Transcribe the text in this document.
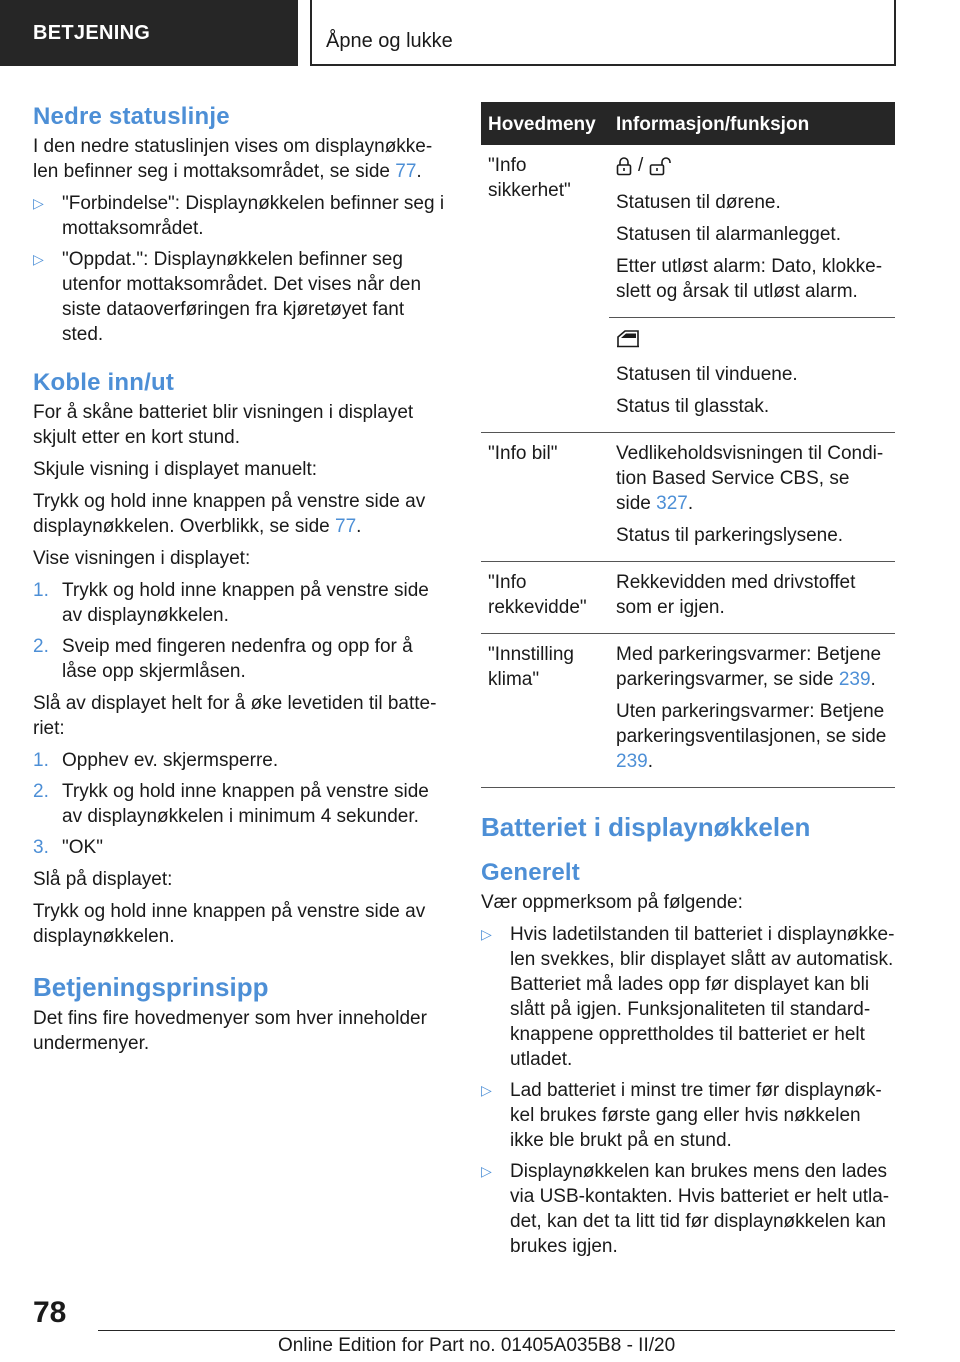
BETJENING	Åpne og lukke
Nedre statuslinje

I den nedre statuslinjen vises om displaynøkkelen befinner seg i mottaksområdet, se side 77.

▷ "Forbindelse": Displaynøkkelen befinner seg i mottaksområdet.
▷ "Oppdat.": Displaynøkkelen befinner seg utenfor mottaksområdet. Det vises når den siste dataoverføringen fra kjøretøyet fant sted.
Koble inn/ut

For å skåne batteriet blir visningen i displayet skjult etter en kort stund.

Skjule visning i displayet manuelt:

Trykk og hold inne knappen på venstre side av displaynøkkelen. Overblikk, se side 77.

Vise visningen i displayet:

1. Trykk og hold inne knappen på venstre side av displaynøkkelen.
2. Sveip med fingeren nedenfra og opp for å låse opp skjermlåsen.

Slå av displayet helt for å øke levetiden til batteriet:

1. Opphev ev. skjermsperre.
2. Trykk og hold inne knappen på venstre side av displaynøkkelen i minimum 4 sekunder.
3. "OK"

Slå på displayet:

Trykk og hold inne knappen på venstre side av displaynøkkelen.

Betjeningsprinsipp

Det fins fire hovedmenyer som hver inneholder undermenyer.

Hovedmeny	Informasjon/funksjon
"Info sikkerhet"	/

Statusen til dørene.

Statusen til alarmanlegget.

Etter utløst alarm: Dato, klokkeslett og årsak til utløst alarm.

	Statusen til vinduene.

Status til glasstak.

"Info bil"	Vedlikeholdsvisningen til Condition Based Service CBS, se side 327.

Status til parkeringslysene.

"Info rekkevidde"	Rekkevidden med drivstoffet som er igjen.

"Innstilling klima"	Med parkeringsvarmer: Betjene parkeringsvarmer, se side 239.

Uten parkeringsvarmer: Betjene parkeringsventilasjonen, se side 239.

Batteriet i displaynøkkelen
Generelt

Vær oppmerksom på følgende:

▷ Hvis ladetilstanden til batteriet i displaynøkkelen svekkes, blir displayet slått av automatisk. Batteriet må lades opp før displayet kan bli slått på igjen. Funksjonaliteten til standardknappene opprettholdes til batteriet er helt utladet.
▷ Lad batteriet i minst tre timer før displaynøkkel brukes første gang eller hvis nøkkelen ikke ble brukt på en stund.
▷ Displaynøkkelen kan brukes mens den lades via USB-kontakten. Hvis batteriet er helt utladet, kan det ta litt tid før displaynøkkelen kan brukes igjen.
78
Online Edition for Part no. 01405A035B8 - II/20
